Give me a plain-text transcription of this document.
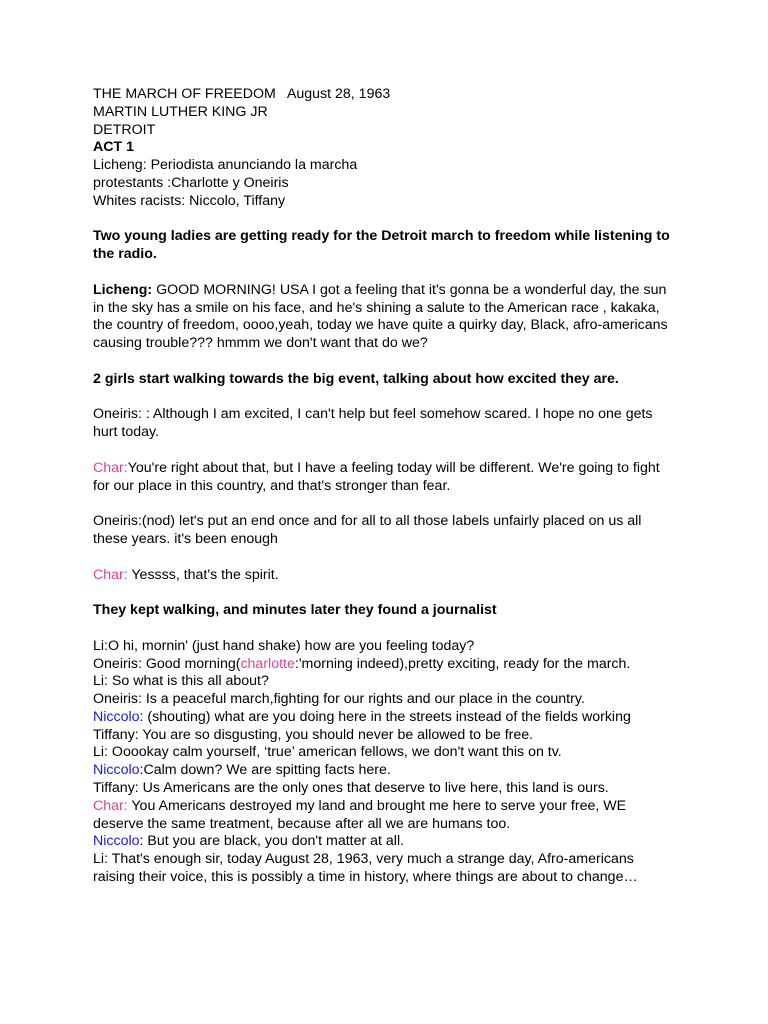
THE MARCH OF FREEDOM   August 28, 1963
MARTIN LUTHER KING JR
DETROIT
ACT 1
Licheng: Periodista anunciando la marcha
protestants :Charlotte y Oneiris
Whites racists: Niccolo, Tiffany

Two young ladies are getting ready for the Detroit march to freedom while listening to the radio.

Licheng: GOOD MORNING! USA I got a feeling that it's gonna be a wonderful day, the sun in the sky has a smile on his face, and he's shining a salute to the American race , kakaka, the country of freedom, oooo,yeah, today we have quite a quirky day, Black, afro-americans causing trouble??? hmmm we don't want that do we?

2 girls start walking towards the big event, talking about how excited they are.

Oneiris: : Although I am excited, I can't help but feel somehow scared. I hope no one gets hurt today.

Char:You're right about that, but I have a feeling today will be different. We're going to fight for our place in this country, and that's stronger than fear.

Oneiris:(nod) let's put an end once and for all to all those labels unfairly placed on us all these years. it's been enough

Char: Yessss, that's the spirit.

They kept walking, and minutes later they found a journalist

Li:O hi, mornin' (just hand shake) how are you feeling today?
Oneiris: Good morning(charlotte:'morning indeed),pretty exciting, ready for the march.
Li: So what is this all about?
Oneiris: Is a peaceful march,fighting for our rights and our place in the country.
Niccolo: (shouting) what are you doing here in the streets instead of the fields working
Tiffany: You are so disgusting, you should never be allowed to be free.
Li: Ooookay calm yourself, ‘true’ american fellows, we don't want this on tv.
Niccolo:Calm down? We are spitting facts here.
Tiffany: Us Americans are the only ones that deserve to live here, this land is ours.

Char: You Americans destroyed my land and brought me here to serve your free, WE deserve the same treatment, because after all we are humans too.

Niccolo: But you are black, you don't matter at all.

Li: That's enough sir, today August 28, 1963, very much a strange day, Afro-americans raising their voice, this is possibly a time in history, where things are about to change…
